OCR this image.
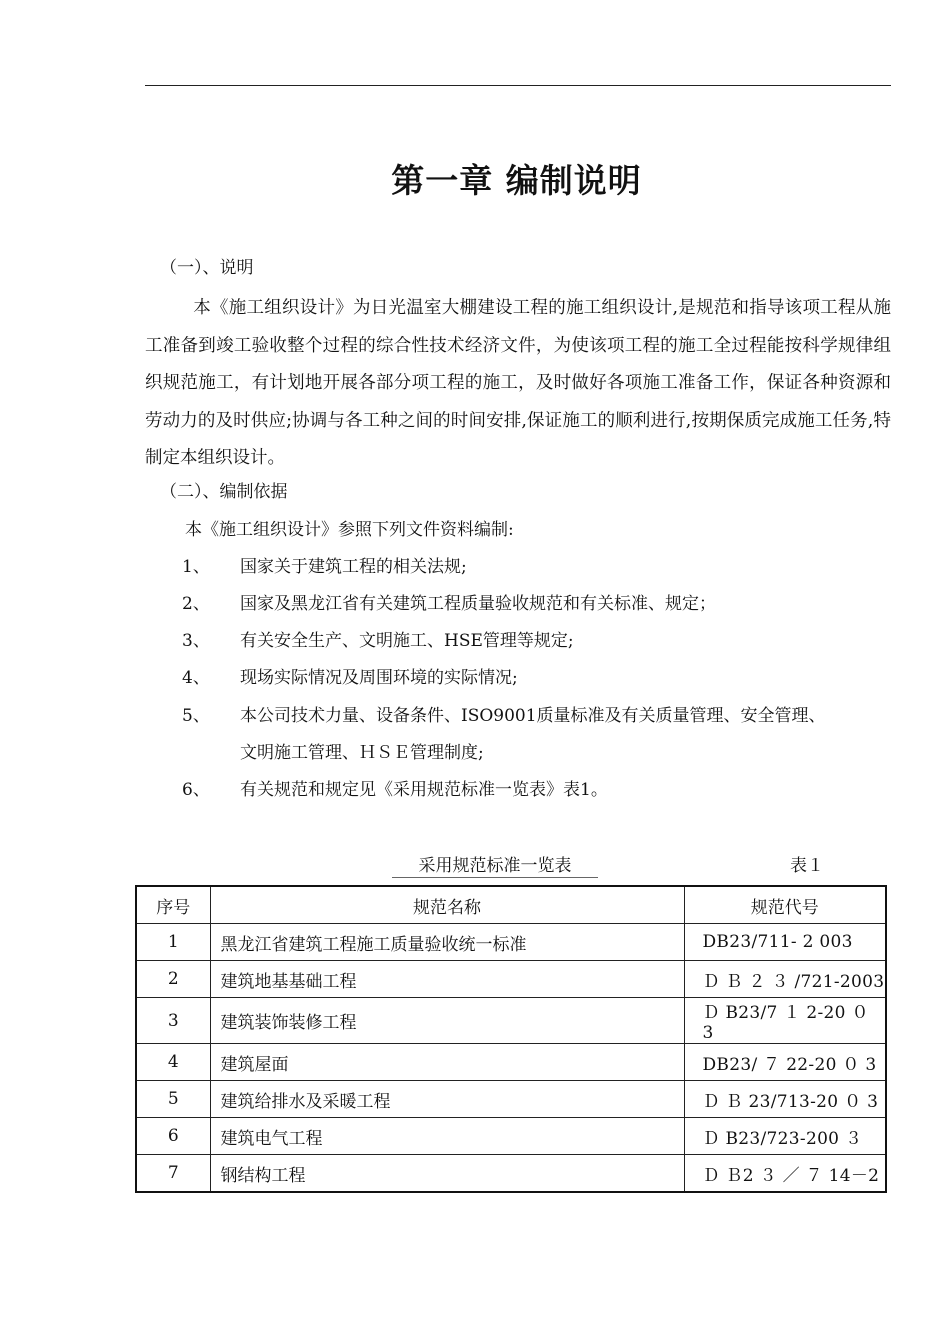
第一章 编制说明
（一）、说明
本《施工组织设计》为日光温室大棚建设工程的施工组织设计,是规范和指导该项工程从施工准备到竣工验收整个过程的综合性技术经济文件，为使该项工程的施工全过程能按科学规律组织规范施工，有计划地开展各部分项工程的施工，及时做好各项施工准备工作，保证各种资源和劳动力的及时供应;协调与各工种之间的时间安排,保证施工的顺利进行,按期保质完成施工任务,特制定本组织设计。
（二）、编制依据
本《施工组织设计》参照下列文件资料编制:
1、 国家关于建筑工程的相关法规;
2、 国家及黑龙江省有关建筑工程质量验收规范和有关标准、规定；
3、 有关安全生产、文明施工、HSE管理等规定;
4、 现场实际情况及周围环境的实际情况;
5、 本公司技术力量、设备条件、ISO9001质量标准及有关质量管理、安全管理、
文明施工管理、ＨＳＥ管理制度;
6、 有关规范和规定见《采用规范标准一览表》表1。
采用规范标准一览表	表１
序号	规范名称	规范代号
1	黑龙江省建筑工程施工质量验收统一标准	DB23/711- 2 003
2	建筑地基基础工程	Ｄ Ｂ ２ ３ /721-2003
3	建筑装饰装修工程	Ｄ B23/7 １ 2-20 ０ 3
4	建筑屋面	DB23/ ７ 22-20 ０ 3
5	建筑给排水及采暖工程	Ｄ Ｂ 23/713-20 ０ 3
6	建筑电气工程	Ｄ B23/723-200 ３
7	钢结构工程	Ｄ Ｂ2 ３ ／ ７ 14－2
